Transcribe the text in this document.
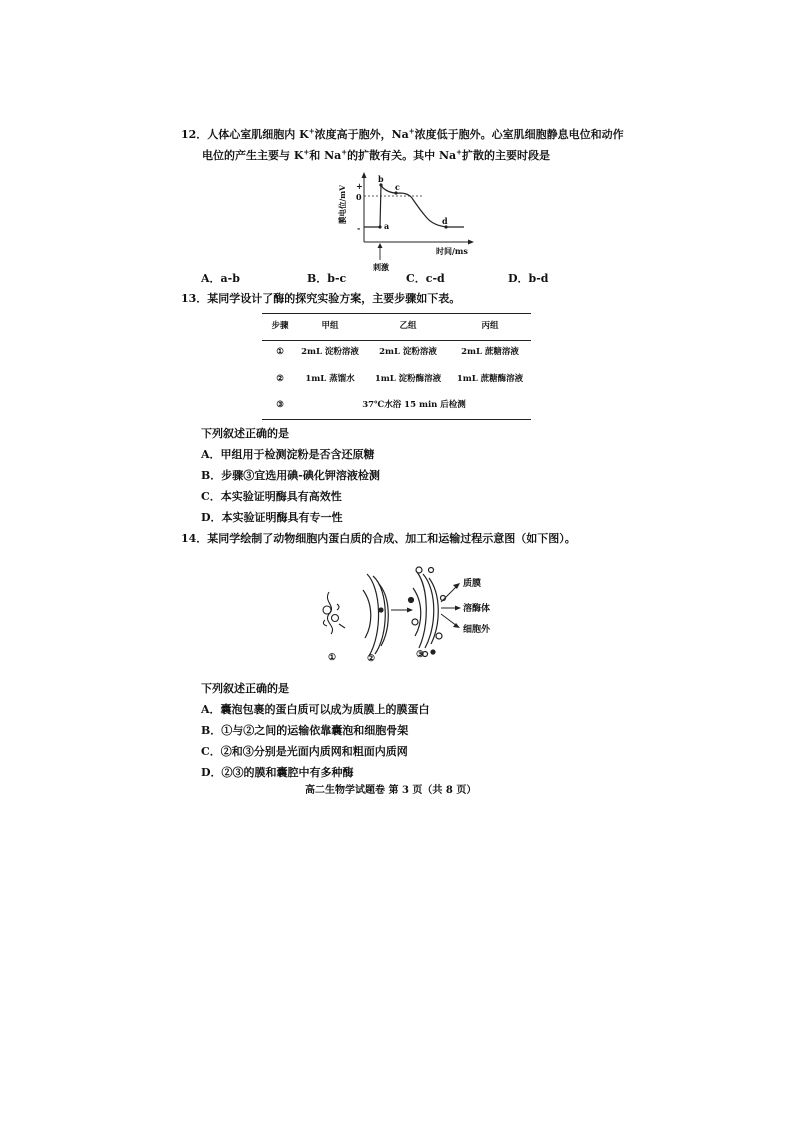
12．人体心室肌细胞内 K+浓度高于胞外，Na+浓度低于胞外。心室肌细胞静息电位和动作
电位的产生主要与 K+和 Na+的扩散有关。其中 Na+扩散的主要时段是
a
b
c
d
+
0
-
膜电位/mV
时间/ms
刺激
A．a-b	B．b-c	C．c-d	D．b-d
13．某同学设计了酶的探究实验方案，主要步骤如下表。
步骤	甲组	乙组	丙组
①	2mL 淀粉溶液	2mL 淀粉溶液	2mL 蔗糖溶液
②	1mL 蒸馏水	1mL 淀粉酶溶液	1mL 蔗糖酶溶液
③	37℃水浴 15 min 后检测
下列叙述正确的是
A．甲组用于检测淀粉是否含还原糖
B．步骤③宜选用碘-碘化钾溶液检测
C．本实验证明酶具有高效性
D．本实验证明酶具有专一性
14．某同学绘制了动物细胞内蛋白质的合成、加工和运输过程示意图（如下图）。
质膜
溶酶体
细胞外
①	②	③
下列叙述正确的是
A．囊泡包裹的蛋白质可以成为质膜上的膜蛋白
B．①与②之间的运输依靠囊泡和细胞骨架
C．②和③分别是光面内质网和粗面内质网
D．②③的膜和囊腔中有多种酶
高二生物学试题卷 第 3 页（共 8 页）
